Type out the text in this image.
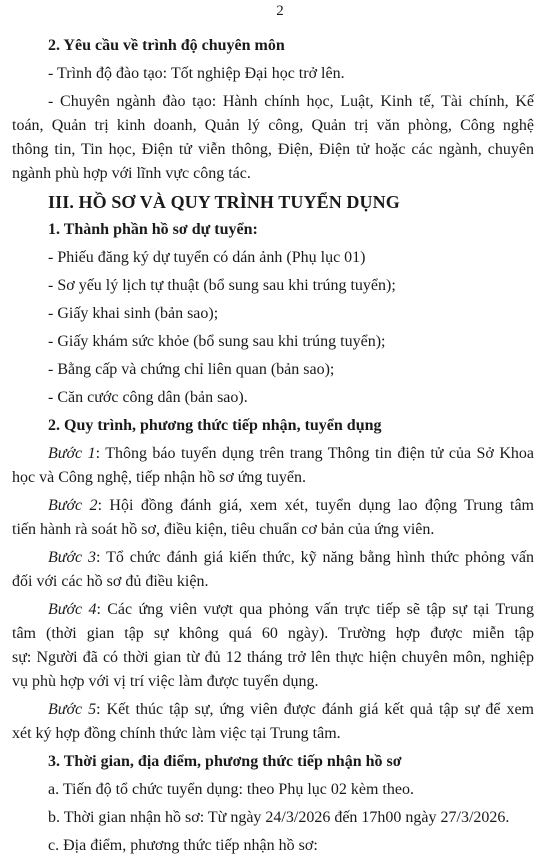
2

2. Yêu cầu về trình độ chuyên môn

- Trình độ đào tạo: Tốt nghiệp Đại học trở lên.

- Chuyên ngành đào tạo: Hành chính học, Luật, Kinh tế, Tài chính, Kế

toán, Quản trị kinh doanh, Quản lý công, Quản trị văn phòng, Công nghệ

thông tin, Tin học, Điện tử viễn thông, Điện, Điện tử hoặc các ngành, chuyên

ngành phù hợp với lĩnh vực công tác.

III. HỒ SƠ VÀ QUY TRÌNH TUYỂN DỤNG

1. Thành phần hồ sơ dự tuyển:

- Phiếu đăng ký dự tuyển có dán ảnh (Phụ lục 01)

- Sơ yếu lý lịch tự thuật (bổ sung sau khi trúng tuyển);

- Giấy khai sinh (bản sao);

- Giấy khám sức khỏe (bổ sung sau khi trúng tuyển);

- Bằng cấp và chứng chỉ liên quan (bản sao);

- Căn cước công dân (bản sao).

2. Quy trình, phương thức tiếp nhận, tuyển dụng

Bước 1: Thông báo tuyển dụng trên trang Thông tin điện tử của Sở Khoa

học và Công nghệ, tiếp nhận hồ sơ ứng tuyển.

Bước 2: Hội đồng đánh giá, xem xét, tuyển dụng lao động Trung tâm

tiến hành rà soát hồ sơ, điều kiện, tiêu chuẩn cơ bản của ứng viên.

Bước 3: Tổ chức đánh giá kiến thức, kỹ năng bằng hình thức phỏng vấn

đối với các hồ sơ đủ điều kiện.

Bước 4: Các ứng viên vượt qua phỏng vấn trực tiếp sẽ tập sự tại Trung

tâm (thời gian tập sự không quá 60 ngày). Trường hợp được miễn tập

sự: Người đã có thời gian từ đủ 12 tháng trở lên thực hiện chuyên môn, nghiệp

vụ phù hợp với vị trí việc làm được tuyển dụng.

Bước 5: Kết thúc tập sự, ứng viên được đánh giá kết quả tập sự để xem

xét ký hợp đồng chính thức làm việc tại Trung tâm.

3. Thời gian, địa điểm, phương thức tiếp nhận hồ sơ

a. Tiến độ tổ chức tuyển dụng: theo Phụ lục 02 kèm theo.

b. Thời gian nhận hồ sơ: Từ ngày 24/3/2026 đến 17h00 ngày 27/3/2026.

c. Địa điểm, phương thức tiếp nhận hồ sơ:
